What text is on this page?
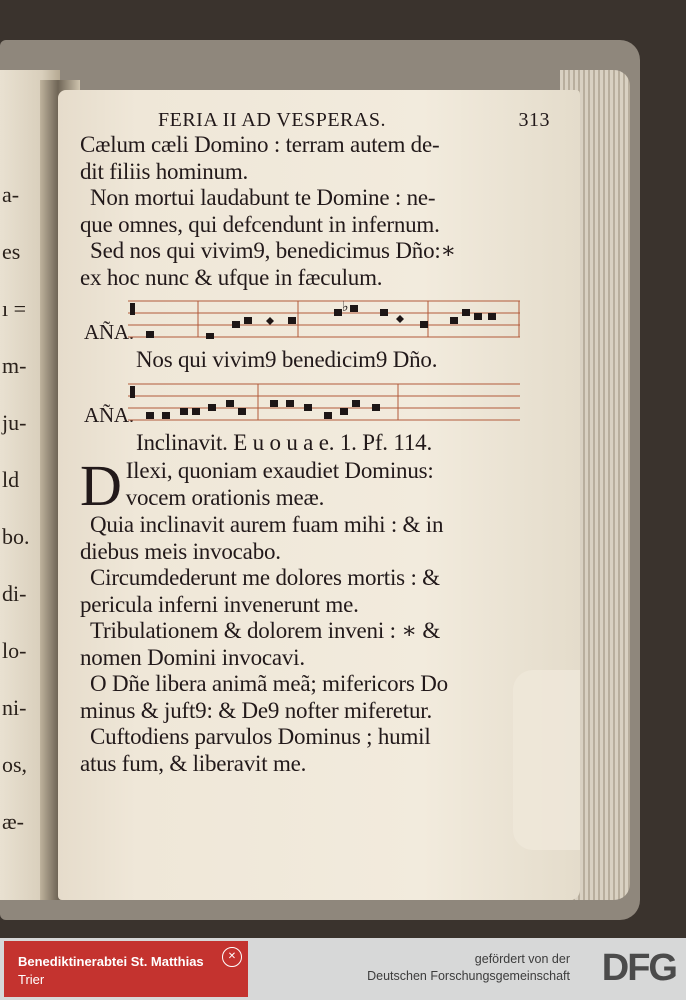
a-
es
ı =
m-
ju-
ld
bo.
di-
lo-
ni-
os,
æ-
FERIA II AD VESPERAS.	313
Cælum cæli Domino : terram autem de-
dit filiis hominum.
Non mortui laudabunt te Domine : ne-
que omnes, qui defcendunt in infernum.
Sed nos qui vivim9, benedicimus Dño:∗
ex hoc nunc & ufque in fæculum.
AÑA.
♭
Nos qui vivim9 benedicim9 Dño.
AÑA.
Inclinavit. E u o u a e. 1. Pf. 114.
D Ilexi, quoniam exaudiet Dominus:
vocem orationis meæ.
Quia inclinavit aurem fuam mihi : & in
diebus meis invocabo.
Circumdederunt me dolores mortis : &
pericula inferni invenerunt me.
Tribulationem & dolorem inveni : ∗ &
nomen Domini invocavi.
O Dñe libera animã meã; mifericors Do
minus & juft9: & De9 nofter miferetur.
Cuftodiens parvulos Dominus ; humil
atus fum, & liberavit me.
Benediktinerabtei St. Matthias
Trier
✕	gefördert von der
Deutschen Forschungsgemeinschaft DFG
